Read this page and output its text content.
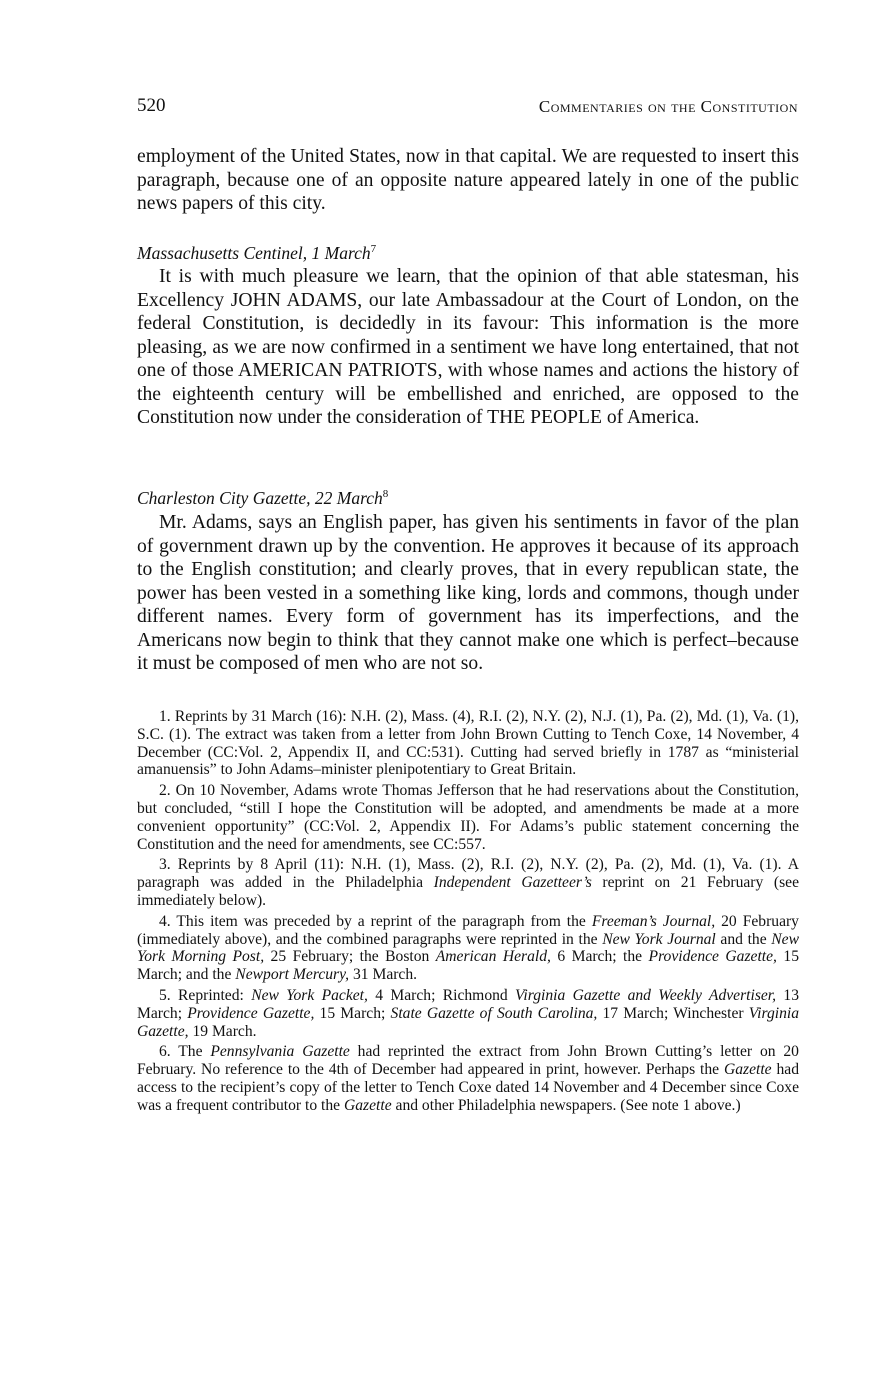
520	Commentaries on the Constitution

employment of the United States, now in that capital. We are requested to insert this paragraph, because one of an opposite nature appeared lately in one of the public news papers of this city.

Massachusetts Centinel, 1 March$^7$

It is with much pleasure we learn, that the opinion of that able statesman, his Excellency JOHN ADAMS, our late Ambassadour at the Court of London, on the federal Constitution, is decidedly in its favour: This information is the more pleasing, as we are now confirmed in a sentiment we have long entertained, that not one of those AMERICAN PATRIOTS, with whose names and actions the history of the eighteenth century will be embellished and enriched, are opposed to the Constitution now under the consideration of THE PEOPLE of America.

Charleston City Gazette, 22 March$^8$

Mr. Adams, says an English paper, has given his sentiments in favor of the plan of government drawn up by the convention. He approves it because of its approach to the English constitution; and clearly proves, that in every republican state, the power has been vested in a something like king, lords and commons, though under different names. Every form of government has its imperfections, and the Americans now begin to think that they cannot make one which is perfect–because it must be composed of men who are not so.

1. Reprints by 31 March (16): N.H. (2), Mass. (4), R.I. (2), N.Y. (2), N.J. (1), Pa. (2), Md. (1), Va. (1), S.C. (1). The extract was taken from a letter from John Brown Cutting to Tench Coxe, 14 November, 4 December (CC:Vol. 2, Appendix II, and CC:531). Cutting had served briefly in 1787 as “ministerial amanuensis” to John Adams–minister plenipotentiary to Great Britain.

2. On 10 November, Adams wrote Thomas Jefferson that he had reservations about the Constitution, but concluded, “still I hope the Constitution will be adopted, and amendments be made at a more convenient opportunity” (CC:Vol. 2, Appendix II). For Adams’s public statement concerning the Constitution and the need for amendments, see CC:557.

3. Reprints by 8 April (11): N.H. (1), Mass. (2), R.I. (2), N.Y. (2), Pa. (2), Md. (1), Va. (1). A paragraph was added in the Philadelphia Independent Gazetteer’s reprint on 21 February (see immediately below).

4. This item was preceded by a reprint of the paragraph from the Freeman’s Journal, 20 February (immediately above), and the combined paragraphs were reprinted in the New York Journal and the New York Morning Post, 25 February; the Boston American Herald, 6 March; the Providence Gazette, 15 March; and the Newport Mercury, 31 March.

5. Reprinted: New York Packet, 4 March; Richmond Virginia Gazette and Weekly Advertiser, 13 March; Providence Gazette, 15 March; State Gazette of South Carolina, 17 March; Winchester Virginia Gazette, 19 March.

6. The Pennsylvania Gazette had reprinted the extract from John Brown Cutting’s letter on 20 February. No reference to the 4th of December had appeared in print, however. Perhaps the Gazette had access to the recipient’s copy of the letter to Tench Coxe dated 14 November and 4 December since Coxe was a frequent contributor to the Gazette and other Philadelphia newspapers. (See note 1 above.)
